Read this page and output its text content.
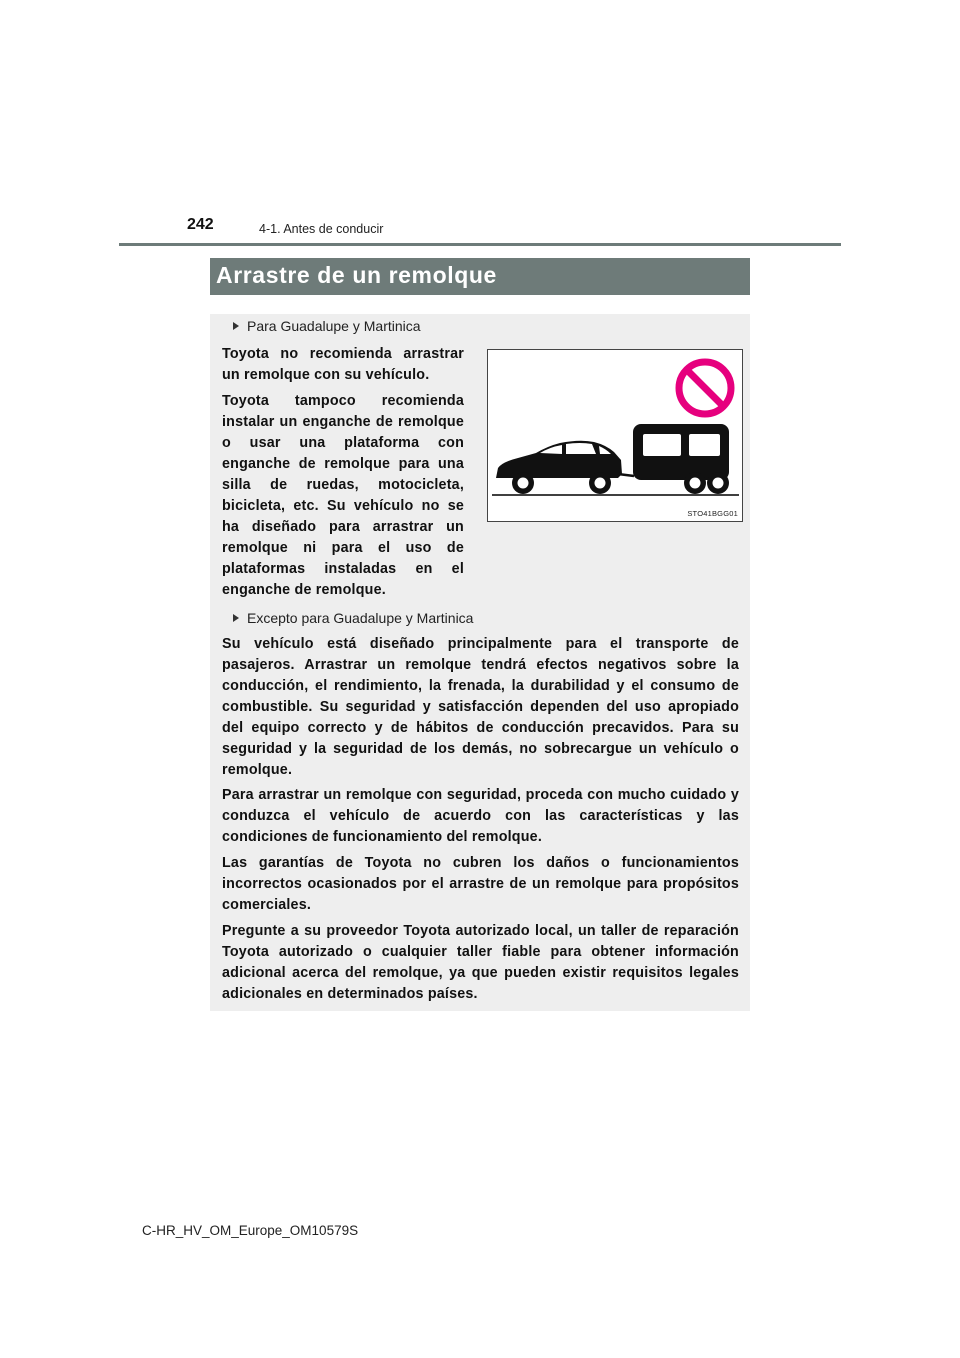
242	4-1. Antes de conducir
Arrastre de un remolque
Para Guadalupe y Martinica

Toyota no recomienda arrastrar un remolque con su vehículo.

Toyota tampoco recomienda instalar un enganche de remolque o usar una plataforma con enganche de remolque para una silla de ruedas, motocicleta, bicicleta, etc. Su vehículo no se ha diseñado para arrastrar un remolque ni para el uso de plataformas instaladas en el enganche de remolque.

STO41BGG01
Excepto para Guadalupe y Martinica

Su vehículo está diseñado principalmente para el transporte de pasajeros. Arrastrar un remolque tendrá efectos negativos sobre la conducción, el rendimiento, la frenada, la durabilidad y el consumo de combustible. Su seguridad y satisfacción dependen del uso apropiado del equipo correcto y de hábitos de conducción precavidos. Para su seguridad y la seguridad de los demás, no sobrecargue un vehículo o remolque.

Para arrastrar un remolque con seguridad, proceda con mucho cuidado y conduzca el vehículo de acuerdo con las características y las condiciones de funcionamiento del remolque.

Las garantías de Toyota no cubren los daños o funcionamientos incorrectos ocasionados por el arrastre de un remolque para propósitos comerciales.

Pregunte a su proveedor Toyota autorizado local, un taller de reparación Toyota autorizado o cualquier taller fiable para obtener información adicional acerca del remolque, ya que pueden existir requisitos legales adicionales en determinados países.

C-HR_HV_OM_Europe_OM10579S
